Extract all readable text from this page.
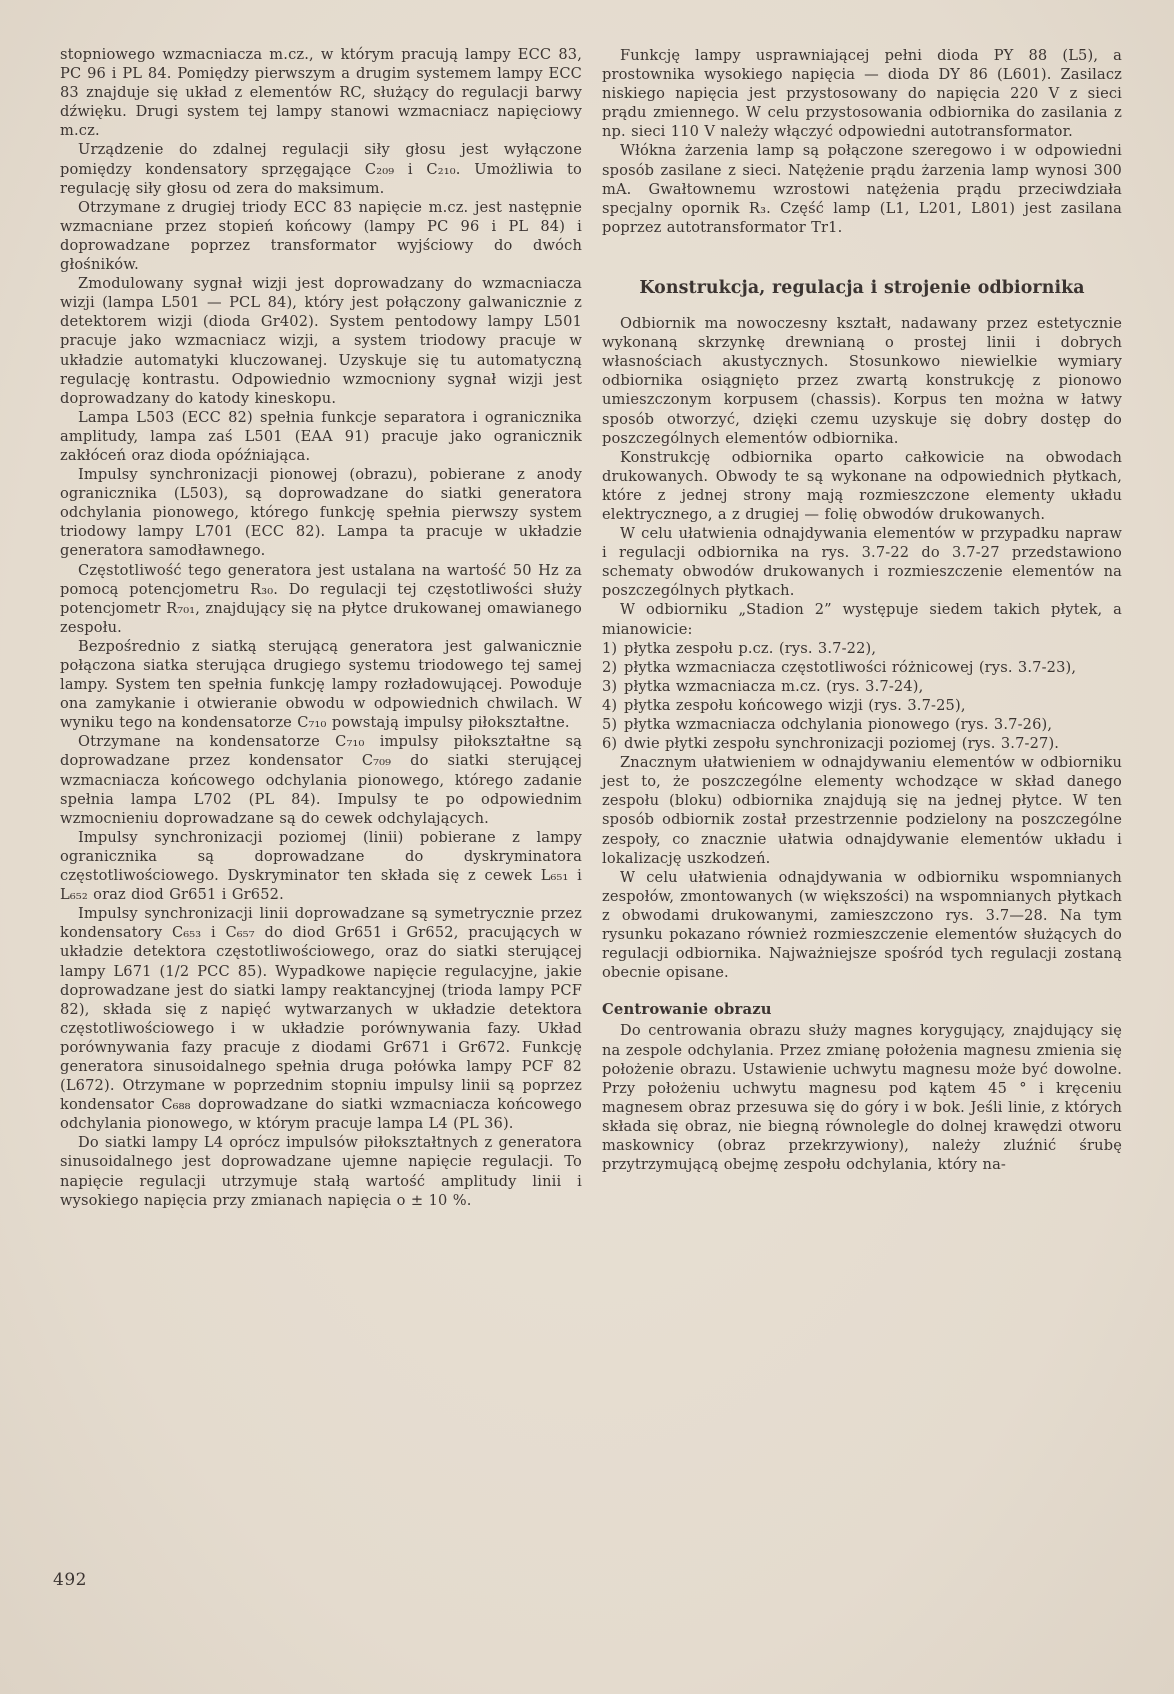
stopniowego wzmacniacza m.cz., w którym pracują lampy ECC 83, PC 96 i PL 84. Pomiędzy pierwszym a drugim systemem lampy ECC 83 znajduje się układ z elementów RC, służący do regulacji barwy dźwięku. Drugi system tej lampy stanowi wzmacniacz napięciowy m.cz.

Urządzenie do zdalnej regulacji siły głosu jest wyłączone pomiędzy kondensatory sprzęgające C₂₀₉ i C₂₁₀. Umożliwia to regulację siły głosu od zera do maksimum.

Otrzymane z drugiej triody ECC 83 napięcie m.cz. jest następnie wzmacniane przez stopień końcowy (lampy PC 96 i PL 84) i doprowadzane poprzez transformator wyjściowy do dwóch głośników.

Zmodulowany sygnał wizji jest doprowadzany do wzmacniacza wizji (lampa L501 — PCL 84), który jest połączony galwanicznie z detektorem wizji (dioda Gr402). System pentodowy lampy L501 pracuje jako wzmacniacz wizji, a system triodowy pracuje w układzie automatyki kluczowanej. Uzyskuje się tu automatyczną regulację kontrastu. Odpowiednio wzmocniony sygnał wizji jest doprowadzany do katody kineskopu.

Lampa L503 (ECC 82) spełnia funkcje separatora i ogranicznika amplitudy, lampa zaś L501 (EAA 91) pracuje jako ogranicznik zakłóceń oraz dioda opóźniająca.

Impulsy synchronizacji pionowej (obrazu), pobierane z anody ogranicznika (L503), są doprowadzane do siatki generatora odchylania pionowego, którego funkcję spełnia pierwszy system triodowy lampy L701 (ECC 82). Lampa ta pracuje w układzie generatora samodławnego.

Częstotliwość tego generatora jest ustalana na wartość 50 Hz za pomocą potencjometru R₃₀. Do regulacji tej częstotliwości służy potencjometr R₇₀₁, znajdujący się na płytce drukowanej omawianego zespołu.

Bezpośrednio z siatką sterującą generatora jest galwanicznie połączona siatka sterująca drugiego systemu triodowego tej samej lampy. System ten spełnia funkcję lampy rozładowującej. Powoduje ona zamykanie i otwieranie obwodu w odpowiednich chwilach. W wyniku tego na kondensatorze C₇₁₀ powstają impulsy piłokształtne.

Otrzymane na kondensatorze C₇₁₀ impulsy piłokształtne są doprowadzane przez kondensator C₇₀₉ do siatki sterującej wzmacniacza końcowego odchylania pionowego, którego zadanie spełnia lampa L702 (PL 84). Impulsy te po odpowiednim wzmocnieniu doprowadzane są do cewek odchylających.

Impulsy synchronizacji poziomej (linii) pobierane z lampy ogranicznika są doprowadzane do dyskryminatora częstotliwościowego. Dyskryminator ten składa się z cewek L₆₅₁ i L₆₅₂ oraz diod Gr651 i Gr652.

Impulsy synchronizacji linii doprowadzane są symetrycznie przez kondensatory C₆₅₃ i C₆₅₇ do diod Gr651 i Gr652, pracujących w układzie detektora częstotliwościowego, oraz do siatki sterującej lampy L671 (1/2 PCC 85). Wypadkowe napięcie regulacyjne, jakie doprowadzane jest do siatki lampy reaktancyjnej (trioda lampy PCF 82), składa się z napięć wytwarzanych w układzie detektora częstotliwościowego i w układzie porównywania fazy. Układ porównywania fazy pracuje z diodami Gr671 i Gr672. Funkcję generatora sinusoidalnego spełnia druga połówka lampy PCF 82 (L672). Otrzymane w poprzednim stopniu impulsy linii są poprzez kondensator C₆₈₈ doprowadzane do siatki wzmacniacza końcowego odchylania pionowego, w którym pracuje lampa L4 (PL 36).

Do siatki lampy L4 oprócz impulsów piłokształtnych z generatora sinusoidalnego jest doprowadzane ujemne napięcie regulacji. To napięcie regulacji utrzymuje stałą wartość amplitudy linii i wysokiego napięcia przy zmianach napięcia o ± 10 %.

Funkcję lampy usprawniającej pełni dioda PY 88 (L5), a prostownika wysokiego napięcia — dioda DY 86 (L601). Zasilacz niskiego napięcia jest przystosowany do napięcia 220 V z sieci prądu zmiennego. W celu przystosowania odbiornika do zasilania z np. sieci 110 V należy włączyć odpowiedni autotransformator.

Włókna żarzenia lamp są połączone szeregowo i w odpowiedni sposób zasilane z sieci. Natężenie prądu żarzenia lamp wynosi 300 mA. Gwałtownemu wzrostowi natężenia prądu przeciwdziała specjalny opornik R₃. Część lamp (L1, L201, L801) jest zasilana poprzez autotransformator Tr1.

Konstrukcja, regulacja i strojenie odbiornika

Odbiornik ma nowoczesny kształt, nadawany przez estetycznie wykonaną skrzynkę drewnianą o prostej linii i dobrych własnościach akustycznych. Stosunkowo niewielkie wymiary odbiornika osiągnięto przez zwartą konstrukcję z pionowo umieszczonym korpusem (chassis). Korpus ten można w łatwy sposób otworzyć, dzięki czemu uzyskuje się dobry dostęp do poszczególnych elementów odbiornika.

Konstrukcję odbiornika oparto całkowicie na obwodach drukowanych. Obwody te są wykonane na odpowiednich płytkach, które z jednej strony mają rozmieszczone elementy układu elektrycznego, a z drugiej — folię obwodów drukowanych.

W celu ułatwienia odnajdywania elementów w przypadku napraw i regulacji odbiornika na rys. 3.7-22 do 3.7-27 przedstawiono schematy obwodów drukowanych i rozmieszczenie elementów na poszczególnych płytkach.

W odbiorniku „Stadion 2” występuje siedem takich płytek, a mianowicie:

1) płytka zespołu p.cz. (rys. 3.7-22),
2) płytka wzmacniacza częstotliwości różnicowej (rys. 3.7-23),
3) płytka wzmacniacza m.cz. (rys. 3.7-24),
4) płytka zespołu końcowego wizji (rys. 3.7-25),
5) płytka wzmacniacza odchylania pionowego (rys. 3.7-26),
6) dwie płytki zespołu synchronizacji poziomej (rys. 3.7-27).

Znacznym ułatwieniem w odnajdywaniu elementów w odbiorniku jest to, że poszczególne elementy wchodzące w skład danego zespołu (bloku) odbiornika znajdują się na jednej płytce. W ten sposób odbiornik został przestrzennie podzielony na poszczególne zespoły, co znacznie ułatwia odnajdywanie elementów układu i lokalizację uszkodzeń.

W celu ułatwienia odnajdywania w odbiorniku wspomnianych zespołów, zmontowanych (w większości) na wspomnianych płytkach z obwodami drukowanymi, zamieszczono rys. 3.7—28. Na tym rysunku pokazano również rozmieszczenie elementów służących do regulacji odbiornika. Najważniejsze spośród tych regulacji zostaną obecnie opisane.

Centrowanie obrazu

Do centrowania obrazu służy magnes korygujący, znajdujący się na zespole odchylania. Przez zmianę położenia magnesu zmienia się położenie obrazu. Ustawienie uchwytu magnesu może być dowolne. Przy położeniu uchwytu magnesu pod kątem 45 ° i kręceniu magnesem obraz przesuwa się do góry i w bok. Jeśli linie, z których składa się obraz, nie biegną równolegle do dolnej krawędzi otworu maskownicy (obraz przekrzywiony), należy zluźnić śrubę przytrzymującą obejmę zespołu odchylania, który na-

492
